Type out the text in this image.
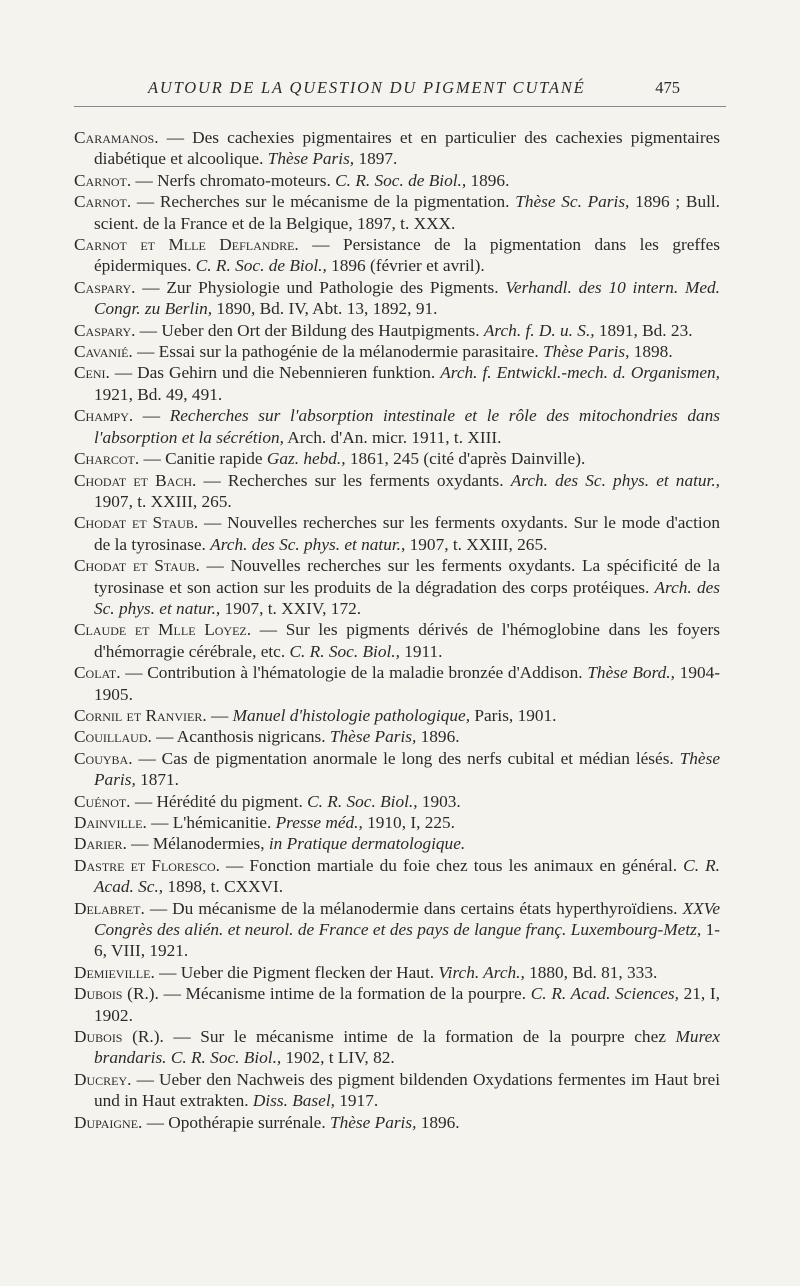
AUTOUR DE LA QUESTION DU PIGMENT CUTANÉ	475
Caramanos. — Des cachexies pigmentaires et en particulier des cachexies pigmentaires diabétique et alcoolique. Thèse Paris, 1897.
Carnot. — Nerfs chromato-moteurs. C. R. Soc. de Biol., 1896.
Carnot. — Recherches sur le mécanisme de la pigmentation. Thèse Sc. Paris, 1896 ; Bull. scient. de la France et de la Belgique, 1897, t. XXX.
Carnot et Mlle Deflandre. — Persistance de la pigmentation dans les greffes épidermiques. C. R. Soc. de Biol., 1896 (février et avril).
Caspary. — Zur Physiologie und Pathologie des Pigments. Verhandl. des 10 intern. Med. Congr. zu Berlin, 1890, Bd. IV, Abt. 13, 1892, 91.
Caspary. — Ueber den Ort der Bildung des Hautpigments. Arch. f. D. u. S., 1891, Bd. 23.
Cavanié. — Essai sur la pathogénie de la mélanodermie parasitaire. Thèse Paris, 1898.
Ceni. — Das Gehirn und die Nebennieren funktion. Arch. f. Entwickl.-mech. d. Organismen, 1921, Bd. 49, 491.
Champy. — Recherches sur l'absorption intestinale et le rôle des mitochondries dans l'absorption et la sécrétion, Arch. d'An. micr. 1911, t. XIII.
Charcot. — Canitie rapide Gaz. hebd., 1861, 245 (cité d'après Dainville).
Chodat et Bach. — Recherches sur les ferments oxydants. Arch. des Sc. phys. et natur., 1907, t. XXIII, 265.
Chodat et Staub. — Nouvelles recherches sur les ferments oxydants. Sur le mode d'action de la tyrosinase. Arch. des Sc. phys. et natur., 1907, t. XXIII, 265.
Chodat et Staub. — Nouvelles recherches sur les ferments oxydants. La spécificité de la tyrosinase et son action sur les produits de la dégradation des corps protéiques. Arch. des Sc. phys. et natur., 1907, t. XXIV, 172.
Claude et Mlle Loyez. — Sur les pigments dérivés de l'hémoglobine dans les foyers d'hémorragie cérébrale, etc. C. R. Soc. Biol., 1911.
Colat. — Contribution à l'hématologie de la maladie bronzée d'Addison. Thèse Bord., 1904-1905.
Cornil et Ranvier. — Manuel d'histologie pathologique, Paris, 1901.
Couillaud. — Acanthosis nigricans. Thèse Paris, 1896.
Couyba. — Cas de pigmentation anormale le long des nerfs cubital et médian lésés. Thèse Paris, 1871.
Cuénot. — Hérédité du pigment. C. R. Soc. Biol., 1903.
Dainville. — L'hémicanitie. Presse méd., 1910, I, 225.
Darier. — Mélanodermies, in Pratique dermatologique.
Dastre et Floresco. — Fonction martiale du foie chez tous les animaux en général. C. R. Acad. Sc., 1898, t. CXXVI.
Delabret. — Du mécanisme de la mélanodermie dans certains états hyperthyroïdiens. XXVe Congrès des alién. et neurol. de France et des pays de langue franç. Luxembourg-Metz, 1-6, VIII, 1921.
Demieville. — Ueber die Pigment flecken der Haut. Virch. Arch., 1880, Bd. 81, 333.
Dubois (R.). — Mécanisme intime de la formation de la pourpre. C. R. Acad. Sciences, 21, I, 1902.
Dubois (R.). — Sur le mécanisme intime de la formation de la pourpre chez Murex brandaris. C. R. Soc. Biol., 1902, t LIV, 82.
Ducrey. — Ueber den Nachweis des pigment bildenden Oxydations fermentes im Haut brei und in Haut extrakten. Diss. Basel, 1917.
Dupaigne. — Opothérapie surrénale. Thèse Paris, 1896.
